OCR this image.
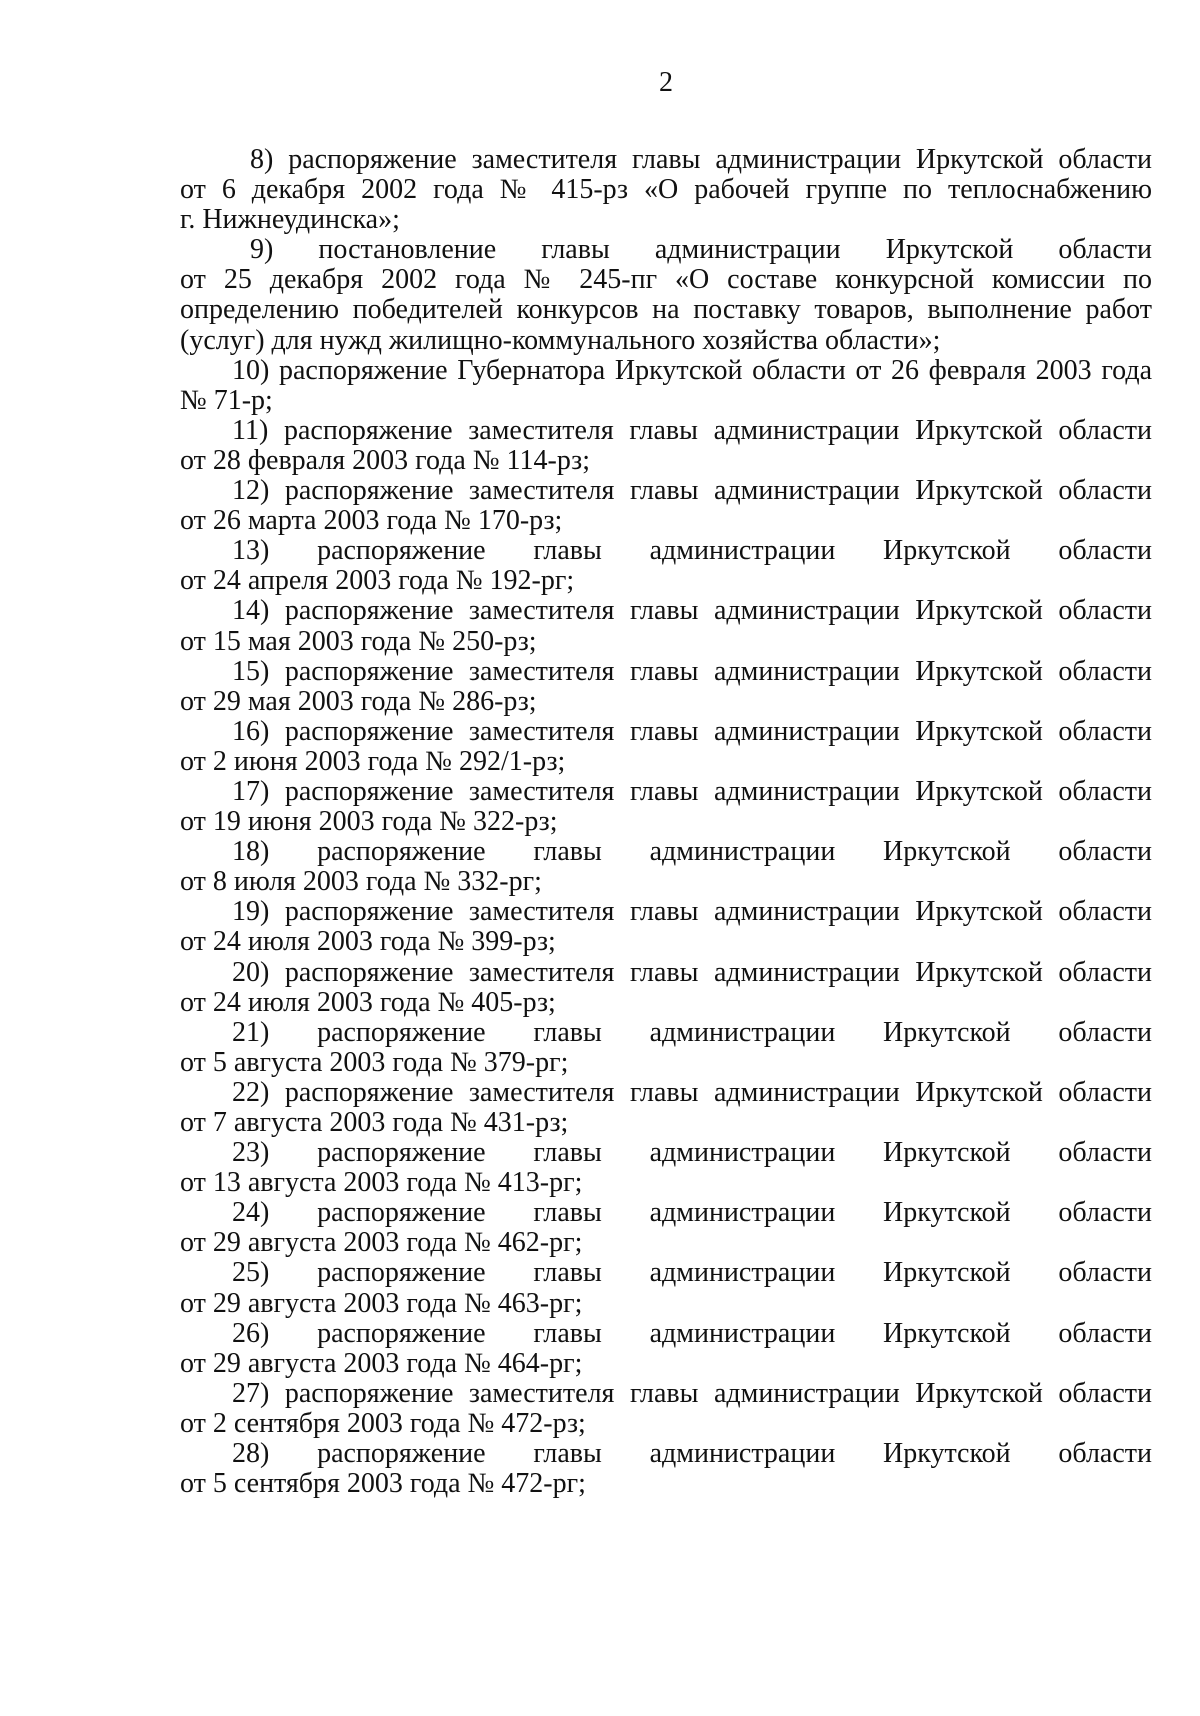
2
8) распоряжение заместителя главы администрации Иркутской области
от 6 декабря 2002 года № 415-рз «О рабочей группе по теплоснабжению
г. Нижнеудинска»;
9) постановление главы администрации Иркутской области
от 25 декабря 2002 года № 245-пг «О составе конкурсной комиссии по
определению победителей конкурсов на поставку товаров, выполнение работ
(услуг) для нужд жилищно-коммунального хозяйства области»;
10) распоряжение Губернатора Иркутской области от 26 февраля 2003 года
№ 71-р;
11) распоряжение заместителя главы администрации Иркутской области
от 28 февраля 2003 года № 114-рз;
12) распоряжение заместителя главы администрации Иркутской области
от 26 марта 2003 года № 170-рз;
13) распоряжение главы администрации Иркутской области
от 24 апреля 2003 года № 192-рг;
14) распоряжение заместителя главы администрации Иркутской области
от 15 мая 2003 года № 250-рз;
15) распоряжение заместителя главы администрации Иркутской области
от 29 мая 2003 года № 286-рз;
16) распоряжение заместителя главы администрации Иркутской области
от 2 июня 2003 года № 292/1-рз;
17) распоряжение заместителя главы администрации Иркутской области
от 19 июня 2003 года № 322-рз;
18) распоряжение главы администрации Иркутской области
от 8 июля 2003 года № 332-рг;
19) распоряжение заместителя главы администрации Иркутской области
от 24 июля 2003 года № 399-рз;
20) распоряжение заместителя главы администрации Иркутской области
от 24 июля 2003 года № 405-рз;
21) распоряжение главы администрации Иркутской области
от 5 августа 2003 года № 379-рг;
22) распоряжение заместителя главы администрации Иркутской области
от 7 августа 2003 года № 431-рз;
23) распоряжение главы администрации Иркутской области
от 13 августа 2003 года № 413-рг;
24) распоряжение главы администрации Иркутской области
от 29 августа 2003 года № 462-рг;
25) распоряжение главы администрации Иркутской области
от 29 августа 2003 года № 463-рг;
26) распоряжение главы администрации Иркутской области
от 29 августа 2003 года № 464-рг;
27) распоряжение заместителя главы администрации Иркутской области
от 2 сентября 2003 года № 472-рз;
28) распоряжение главы администрации Иркутской области
от 5 сентября 2003 года № 472-рг;
